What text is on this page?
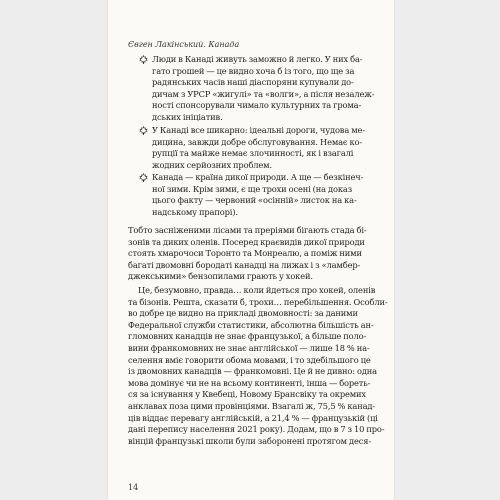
Євген Лакінський. Канада
Люди в Канаді живуть заможно й легко. У них ба-
гато грошей — це видно хоча б із того, що ще за
радянських часів наші діаспоряни купували до-
дичам з УРСР «жигулі» та «волги», а після незалеж-
ності спонсорували чимало культурних та грома-
дських ініціатив.
У Канаді все шикарно: ідеальні дороги, чудова ме-
дицина, завжди добре обслуговування. Немає ко-
рупції та майже немає злочинності, як і взагалі
жодних серйозних проблем.
Канада — країна дикої природи. А ще — безкінеч-
ної зими. Крім зими, є ще трохи осені (на доказ
цього факту — червоний «осінній» листок на ка-
надському прапорі).
Тобто засніженими лісами та преріями бігають стада бі-
зонів та диких оленів. Посеред краєвидів дикої природи
стоять хмарочоси Торонто та Монреалю, а поміж ними
багаті двомовні бородаті канадці на лижах і з «ламбер-
джекськими» бензопилами грають у хокей.
Це, безумовно, правда… коли йдеться про хокей, оленів
та бізонів. Решта, сказати б, трохи… перебільшення. Особли-
во добре це видно на прикладі двомовності: за даними
Федеральної служби статистики, абсолютна більшість ан-
гломовних канадців не знає французької, а більше поло-
вини франкомовних не знає англійської — лише 18 % на-
селення вміє говорити обома мовами, і то здебільшого це
із двомовних канадців — франкомовні. Це й не дивно: одна
мова домінує чи не на всьому континенті, інша — бореть-
ся за існування у Квебеці, Новому Брансвіку та окремих
анклавах поза цими провінціями. Взагалі ж, 75,5 % канад-
ців віддає перевагу англійській, а 21,4 % — французькій (ці
дані перепису населення 2021 року). Додам, що в 7 з 10 про-
вінцій французькі школи були заборонені протягом деся-
14
